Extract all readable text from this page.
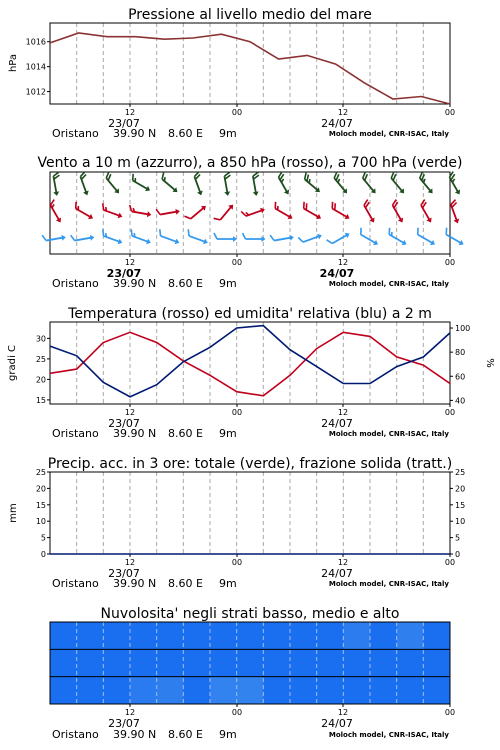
Pressione al livello medio del mare
1012
1014
1016
hPa
12	00	12	00
23/07	24/07
Oristano 39.90 N 8.60 E 9m	Moloch model, CNR-ISAC, Italy
Vento a 10 m (azzurro), a 850 hPa (rosso), a 700 hPa (verde)
12	00	12	00
23/07	24/07
Oristano 39.90 N 8.60 E 9m	Moloch model, CNR-ISAC, Italy
Temperatura (rosso) ed umidita' relativa (blu) a 2 m
15
20
25
30
40
60
80
100
gradi C	%
12	00	12	00
23/07	24/07
Oristano 39.90 N 8.60 E 9m	Moloch model, CNR-ISAC, Italy
Precip. acc. in 3 ore: totale (verde), frazione solida (tratt.)
0	0
5	5
10	10
15	15
20	20
25	25
mm
12	00	12	00
23/07	24/07
Oristano 39.90 N 8.60 E 9m	Moloch model, CNR-ISAC, Italy
Nuvolosita' negli strati basso, medio e alto
12	00	12	00
23/07	24/07
Oristano 39.90 N 8.60 E 9m	Moloch model, CNR-ISAC, Italy
